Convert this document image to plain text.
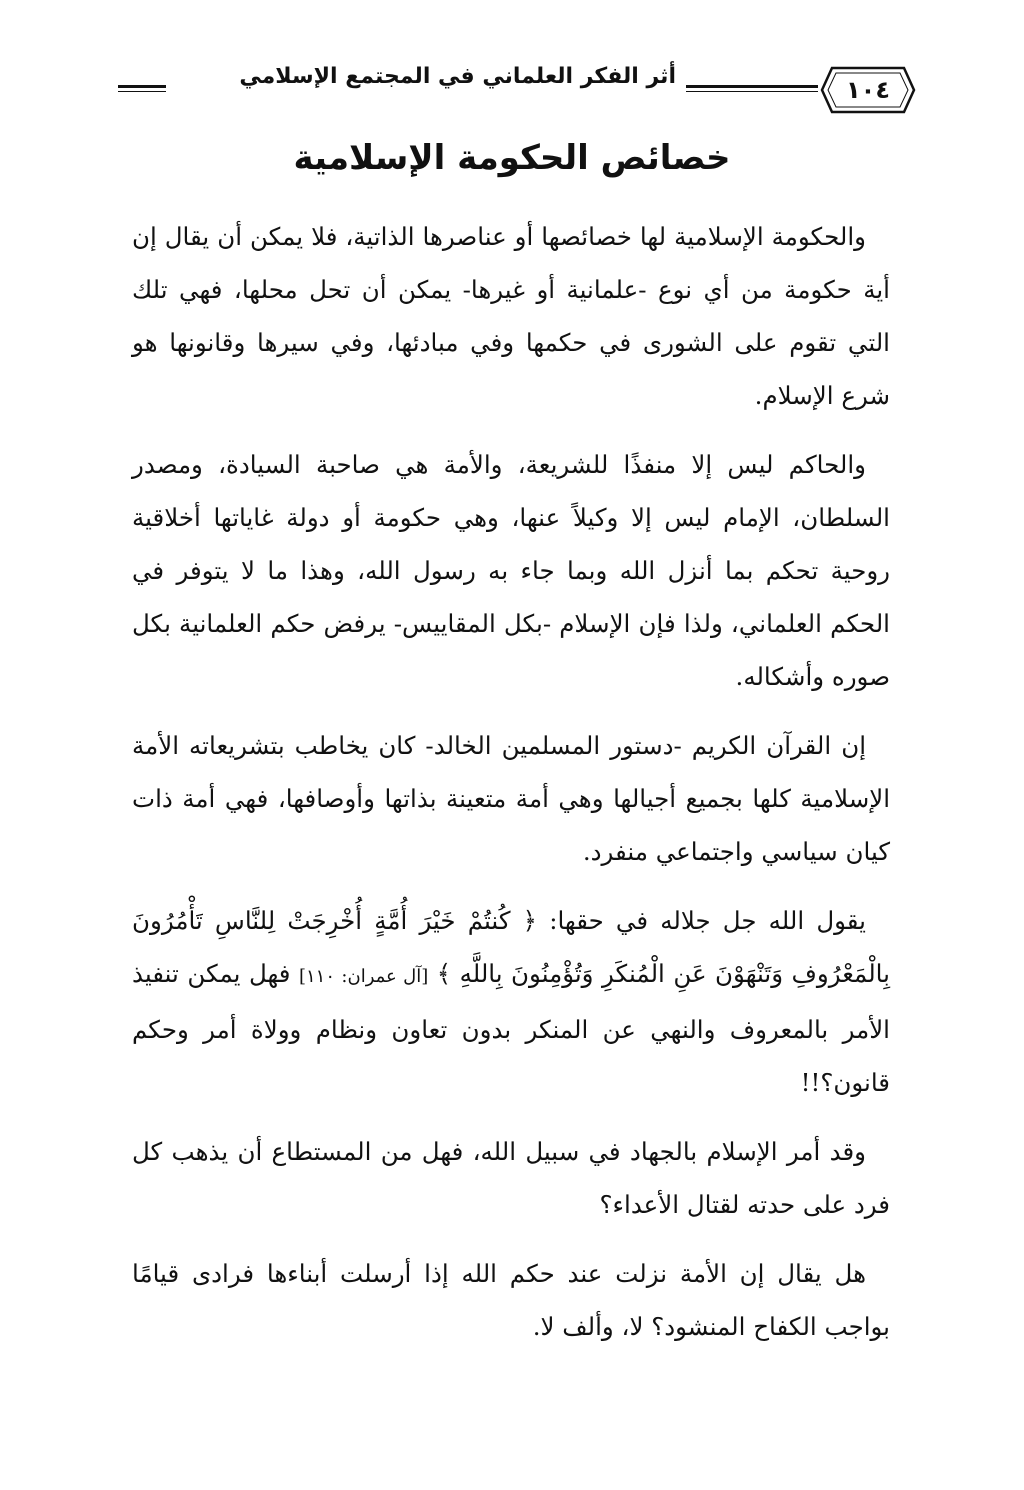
١٠٤
أثر الفكر العلماني في المجتمع الإسلامي
خصائص الحكومة الإسلامية

والحكومة الإسلامية لها خصائصها أو عناصرها الذاتية، فلا يمكن أن يقال إن أية حكومة من أي نوع -علمانية أو غيرها- يمكن أن تحل محلها، فهي تلك التي تقوم على الشورى في حكمها وفي مبادئها، وفي سيرها وقانونها هو شرع الإسلام.

والحاكم ليس إلا منفذًا للشريعة، والأمة هي صاحبة السيادة، ومصدر السلطان، الإمام ليس إلا وكيلاً عنها، وهي حكومة أو دولة غاياتها أخلاقية روحية تحكم بما أنزل الله وبما جاء به رسول الله، وهذا ما لا يتوفر في الحكم العلماني، ولذا فإن الإسلام -بكل المقاييس- يرفض حكم العلمانية بكل صوره وأشكاله.

إن القرآن الكريم -دستور المسلمين الخالد- كان يخاطب بتشريعاته الأمة الإسلامية كلها بجميع أجيالها وهي أمة متعينة بذاتها وأوصافها، فهي أمة ذات كيان سياسي واجتماعي منفرد.

يقول الله جل جلاله في حقها: ﴿ كُنتُمْ خَيْرَ أُمَّةٍ أُخْرِجَتْ لِلنَّاسِ تَأْمُرُونَ بِالْمَعْرُوفِ وَتَنْهَوْنَ عَنِ الْمُنكَرِ وَتُؤْمِنُونَ بِاللَّهِ ﴾ [آل عمران: ١١٠] فهل يمكن تنفيذ الأمر بالمعروف والنهي عن المنكر بدون تعاون ونظام وولاة أمر وحكم قانون؟!!

وقد أمر الإسلام بالجهاد في سبيل الله، فهل من المستطاع أن يذهب كل فرد على حدته لقتال الأعداء؟

هل يقال إن الأمة نزلت عند حكم الله إذا أرسلت أبناءها فرادى قيامًا بواجب الكفاح المنشود؟ لا، وألف لا.
